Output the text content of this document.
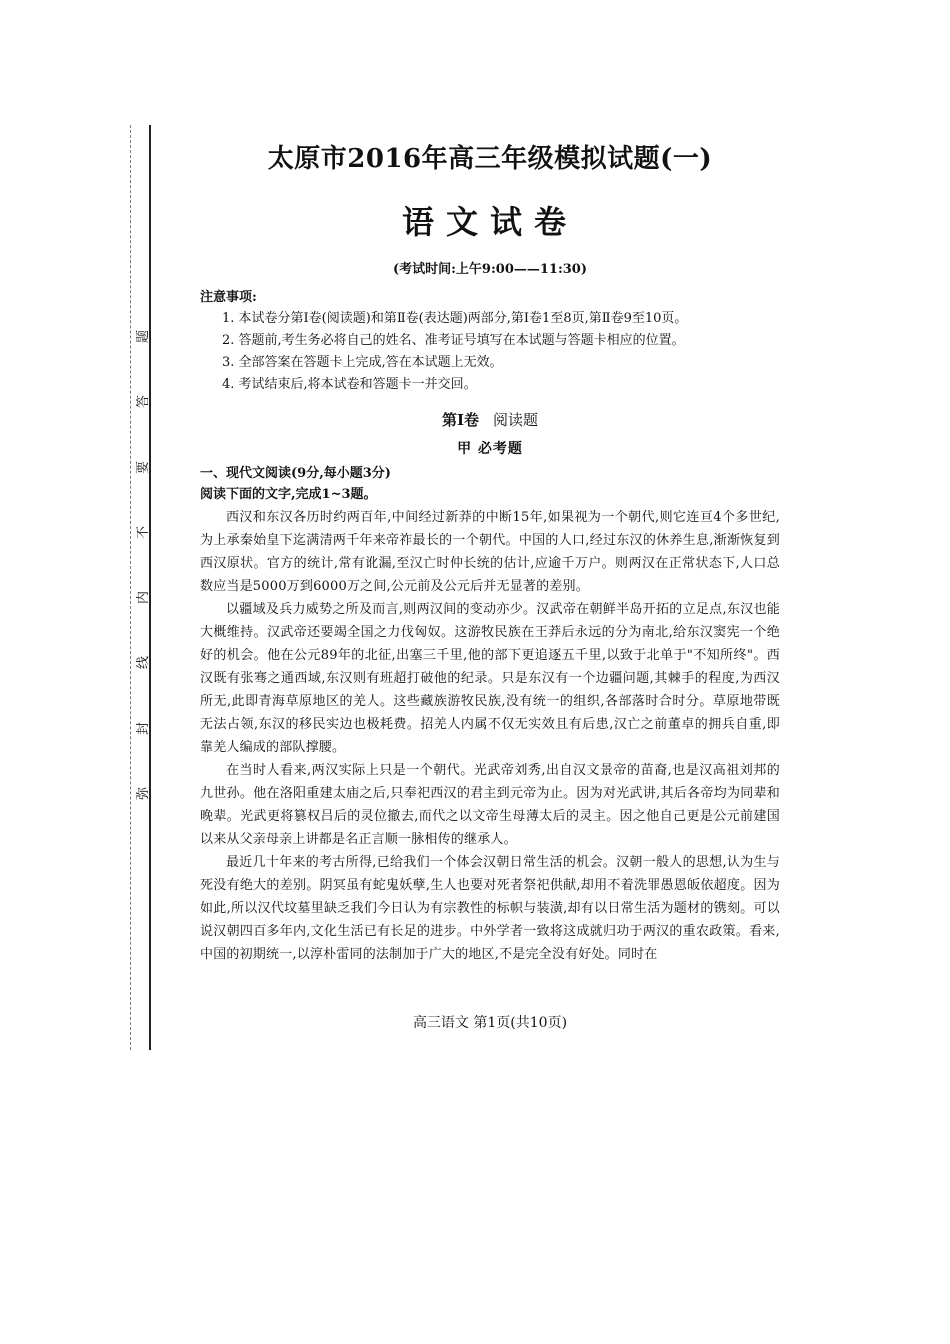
弥
封
线
内
不
要
答
题
太原市2016年高三年级模拟试题(一)
语文试卷
(考试时间:上午9:00——11:30)
注意事项:
1. 本试卷分第Ⅰ卷(阅读题)和第Ⅱ卷(表达题)两部分,第Ⅰ卷1至8页,第Ⅱ卷9至10页。
2. 答题前,考生务必将自己的姓名、准考证号填写在本试题与答题卡相应的位置。
3. 全部答案在答题卡上完成,答在本试题上无效。
4. 考试结束后,将本试卷和答题卡一并交回。
第Ⅰ卷 阅读题
甲 必考题
一、现代文阅读(9分,每小题3分)
阅读下面的文字,完成1~3题。

西汉和东汉各历时约两百年,中间经过新莽的中断15年,如果视为一个朝代,则它连亘4个多世纪,为上承秦始皇下迄满清两千年来帝祚最长的一个朝代。中国的人口,经过东汉的休养生息,渐渐恢复到西汉原状。官方的统计,常有讹漏,至汉亡时仲长统的估计,应逾千万户。则两汉在正常状态下,人口总数应当是5000万到6000万之间,公元前及公元后并无显著的差别。

以疆域及兵力威势之所及而言,则两汉间的变动亦少。汉武帝在朝鲜半岛开拓的立足点,东汉也能大概维持。汉武帝还要竭全国之力伐匈奴。这游牧民族在王莽后永远的分为南北,给东汉窦宪一个绝好的机会。他在公元89年的北征,出塞三千里,他的部下更追逐五千里,以致于北单于"不知所终"。西汉既有张骞之通西域,东汉则有班超打破他的纪录。只是东汉有一个边疆问题,其棘手的程度,为西汉所无,此即青海草原地区的羌人。这些藏族游牧民族,没有统一的组织,各部落时合时分。草原地带既无法占领,东汉的移民实边也极耗费。招羌人内属不仅无实效且有后患,汉亡之前董卓的拥兵自重,即靠羌人编成的部队撑腰。

在当时人看来,两汉实际上只是一个朝代。光武帝刘秀,出自汉文景帝的苗裔,也是汉高祖刘邦的九世孙。他在洛阳重建太庙之后,只奉祀西汉的君主到元帝为止。因为对光武讲,其后各帝均为同辈和晚辈。光武更将篡权吕后的灵位撤去,而代之以文帝生母薄太后的灵主。因之他自己更是公元前建国以来从父亲母亲上讲都是名正言顺一脉相传的继承人。

最近几十年来的考古所得,已给我们一个体会汉朝日常生活的机会。汉朝一般人的思想,认为生与死没有绝大的差别。阴冥虽有蛇鬼妖孽,生人也要对死者祭祀供献,却用不着洗罪愚恩皈依超度。因为如此,所以汉代坟墓里缺乏我们今日认为有宗教性的标帜与装潢,却有以日常生活为题材的镌刻。可以说汉朝四百多年内,文化生活已有长足的进步。中外学者一致将这成就归功于两汉的重农政策。看来,中国的初期统一,以淳朴雷同的法制加于广大的地区,不是完全没有好处。同时在

高三语文 第1页(共10页)
